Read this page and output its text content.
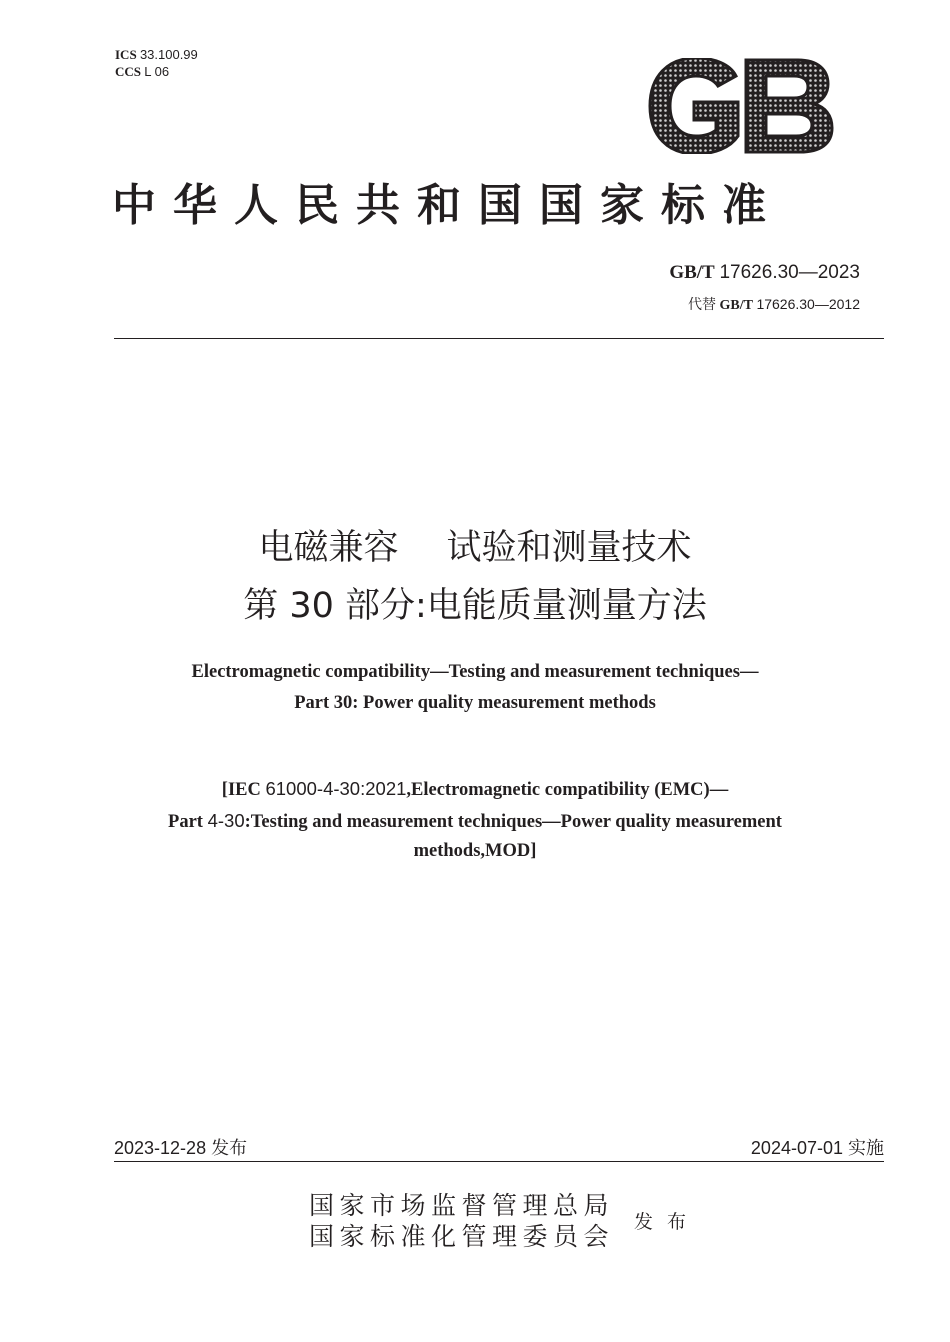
ICS 33.100.99
CCS L 06
中华人民共和国国家标准
GB/T 17626.30—2023
代替 GB/T 17626.30—2012
电磁兼容 试验和测量技术
第 30 部分:电能质量测量方法
Electromagnetic compatibility—Testing and measurement techniques—
Part 30: Power quality measurement methods
[IEC 61000-4-30:2021,Electromagnetic compatibility (EMC)—
Part 4-30:Testing and measurement techniques—Power quality measurement
methods,MOD]
2023-12-28 发布	2024-07-01 实施
国家市场监督管理总局
国家标准化管理委员会 发布
